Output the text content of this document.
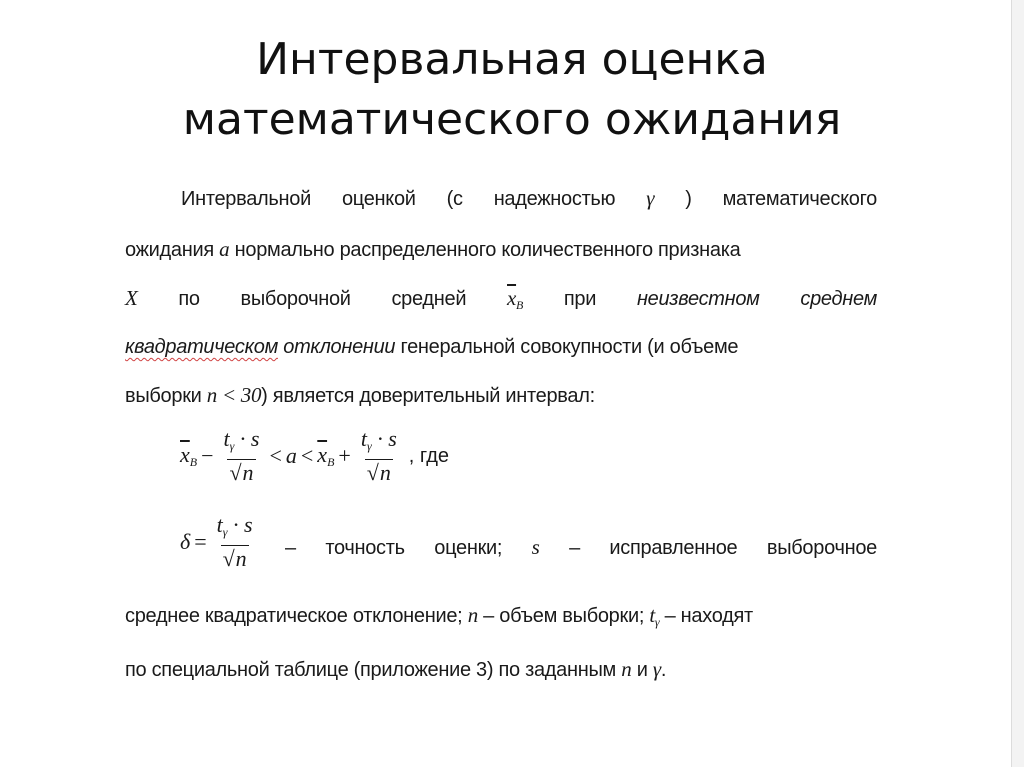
Интервальная оценка
математического ожидания
Интервальной оценкой (с надежностью γ ) математического
ожидания a нормально распределенного количественного признака
X по выборочной средней $\overline{x}_B$ при неизвестном среднем
квадратическом отклонении генеральной совокупности (и объеме
выборки n < 30) является доверительный интервал:
$\overline{x}_B - \frac{t_\gamma \cdot s}{√n} < a < \overline{x}_B + \frac{t_\gamma \cdot s}{√n}$ , где
$\delta = \frac{t_\gamma \cdot s}{√n}$ – точность оценки; s – исправленное выборочное
среднее квадратическое отклонение; n – объем выборки; $t_\gamma$ – находят
по специальной таблице (приложение 3) по заданным n и γ.
